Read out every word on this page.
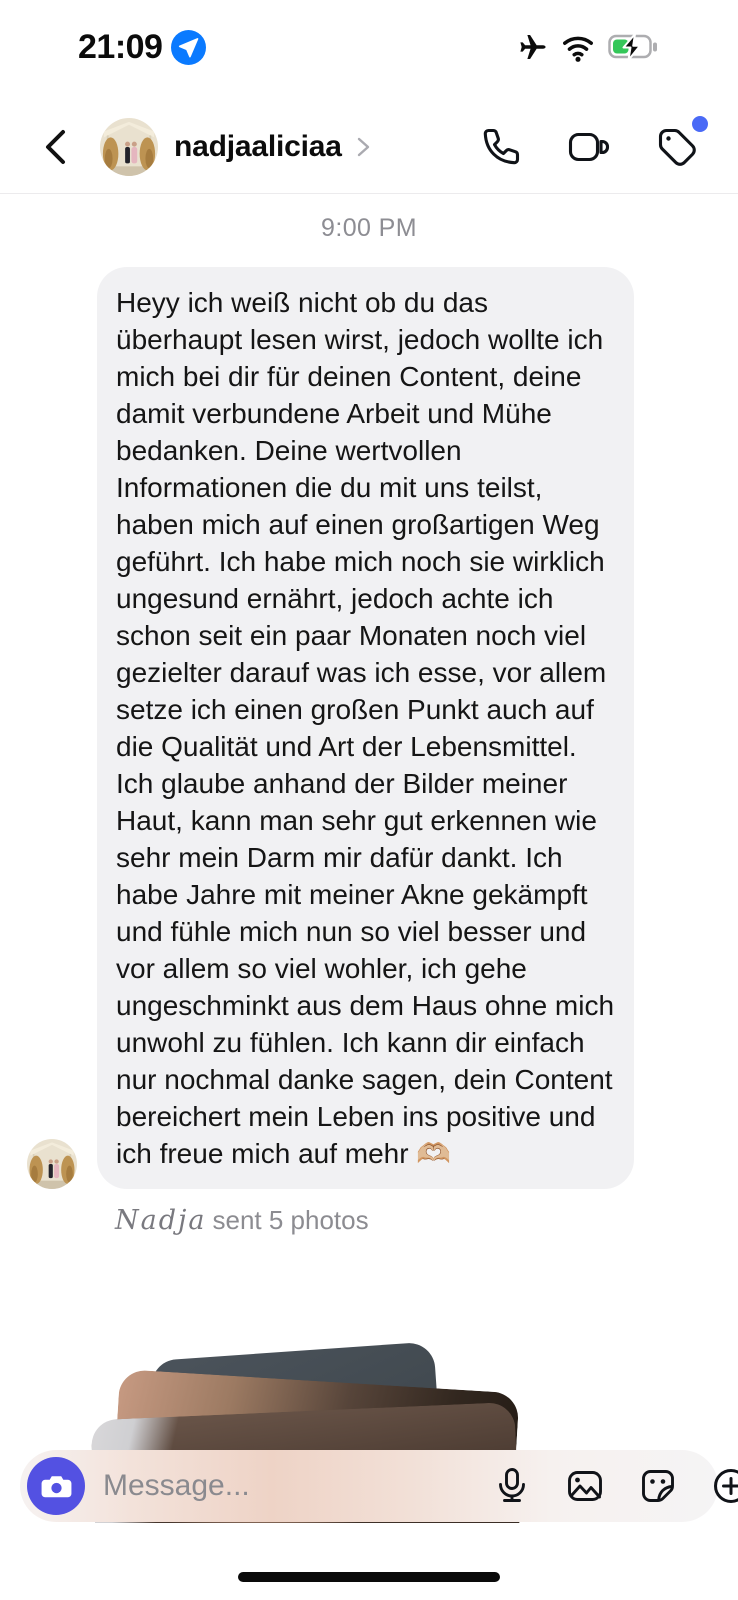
21:09
nadjaaliciaa
9:00 PM
Heyy ich weiß nicht ob du das überhaupt lesen wirst, jedoch wollte ich mich bei dir für deinen Content, deine damit verbundene Arbeit und Mühe bedanken. Deine wertvollen Informationen die du mit uns teilst, haben mich auf einen großartigen Weg geführt. Ich habe mich noch sie wirklich ungesund ernährt, jedoch achte ich schon seit ein paar Monaten noch viel gezielter darauf was ich esse, vor allem setze ich einen großen Punkt auch auf die Qualität und Art der Lebensmittel. Ich glaube anhand der Bilder meiner Haut, kann man sehr gut erkennen wie sehr mein Darm mir dafür dankt. Ich habe Jahre mit meiner Akne gekämpft und fühle mich nun so viel besser und vor allem so viel wohler, ich gehe ungeschminkt aus dem Haus ohne mich unwohl zu fühlen. Ich kann dir einfach nur nochmal danke sagen, dein Content bereichert mein Leben ins positive und ich freue mich auf mehr 🫶🏼
Nadja sent 5 photos
Message...
